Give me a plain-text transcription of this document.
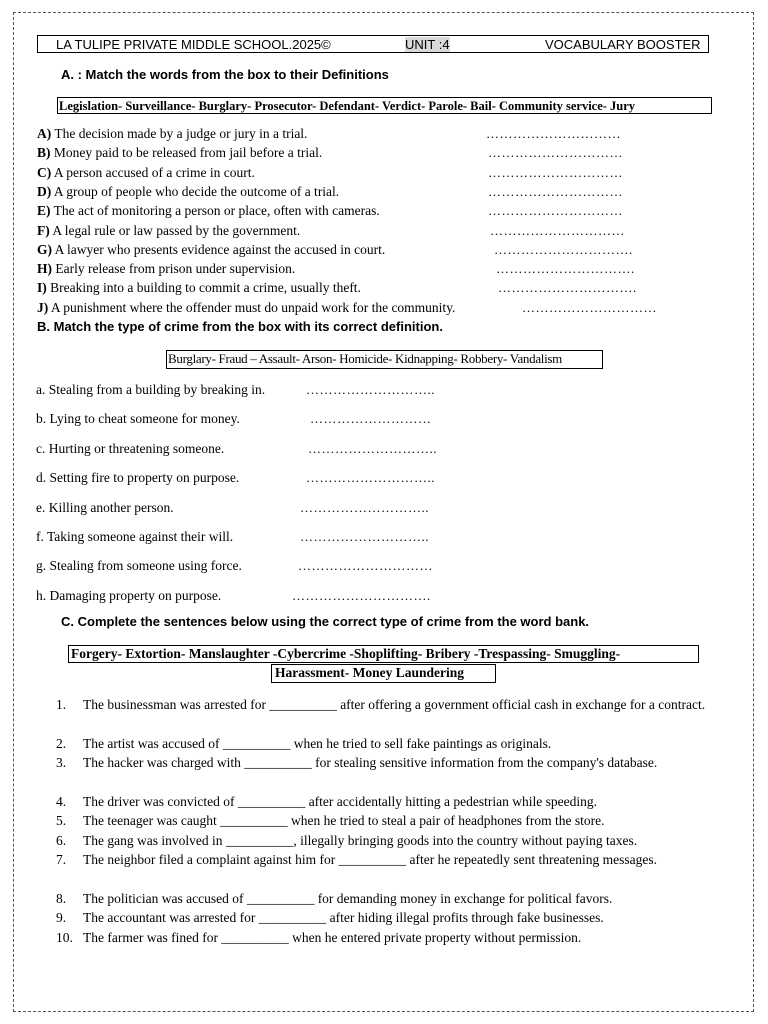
LA TULIPE PRIVATE MIDDLE SCHOOL.2025©	UNIT :4	VOCABULARY BOOSTER
A. : Match the words from the box to their Definitions
Legislation- Surveillance- Burglary- Prosecutor- Defendant- Verdict- Parole- Bail- Community service- Jury
A) The decision made by a judge or jury in a trial.	…………………………
B) Money paid to be released from jail before a trial.	…………………………
C) A person accused of a crime in court.	…………………………
D) A group of people who decide the outcome of a trial.	…………………………
E) The act of monitoring a person or place, often with cameras.	…………………………
F) A legal rule or law passed by the government.	…………………………
G) A lawyer who presents evidence against the accused in court.	………………………….
H) Early release from prison under supervision.	………………………….
I) Breaking into a building to commit a crime, usually theft.	………………………….
J) A punishment where the offender must do unpaid work for the community.	…………………………
B. Match the type of crime from the box with its correct definition.
Burglary- Fraud – Assault- Arson- Homicide- Kidnapping- Robbery- Vandalism
a. Stealing from a building by breaking in.	………………………..
b. Lying to cheat someone for money.	………………………
c. Hurting or threatening someone.	………………………..
d. Setting fire to property on purpose.	………………………..
e. Killing another person.	………………………..
f. Taking someone against their will.	………………………..
g. Stealing from someone using force.	…………………………
h. Damaging property on purpose.	………………………….
C. Complete the sentences below using the correct type of crime from the word bank.
Forgery- Extortion- Manslaughter -Cybercrime -Shoplifting- Bribery -Trespassing- Smuggling-
Harassment- Money Laundering
1. The businessman was arrested for __________ after offering a government official cash in exchange for a contract.
2. The artist was accused of __________ when he tried to sell fake paintings as originals.
3. The hacker was charged with __________ for stealing sensitive information from the company's database.
4. The driver was convicted of __________ after accidentally hitting a pedestrian while speeding.
5. The teenager was caught __________ when he tried to steal a pair of headphones from the store.
6. The gang was involved in __________, illegally bringing goods into the country without paying taxes.
7. The neighbor filed a complaint against him for __________ after he repeatedly sent threatening messages.
8. The politician was accused of __________ for demanding money in exchange for political favors.
9. The accountant was arrested for __________ after hiding illegal profits through fake businesses.
10. The farmer was fined for __________ when he entered private property without permission.
